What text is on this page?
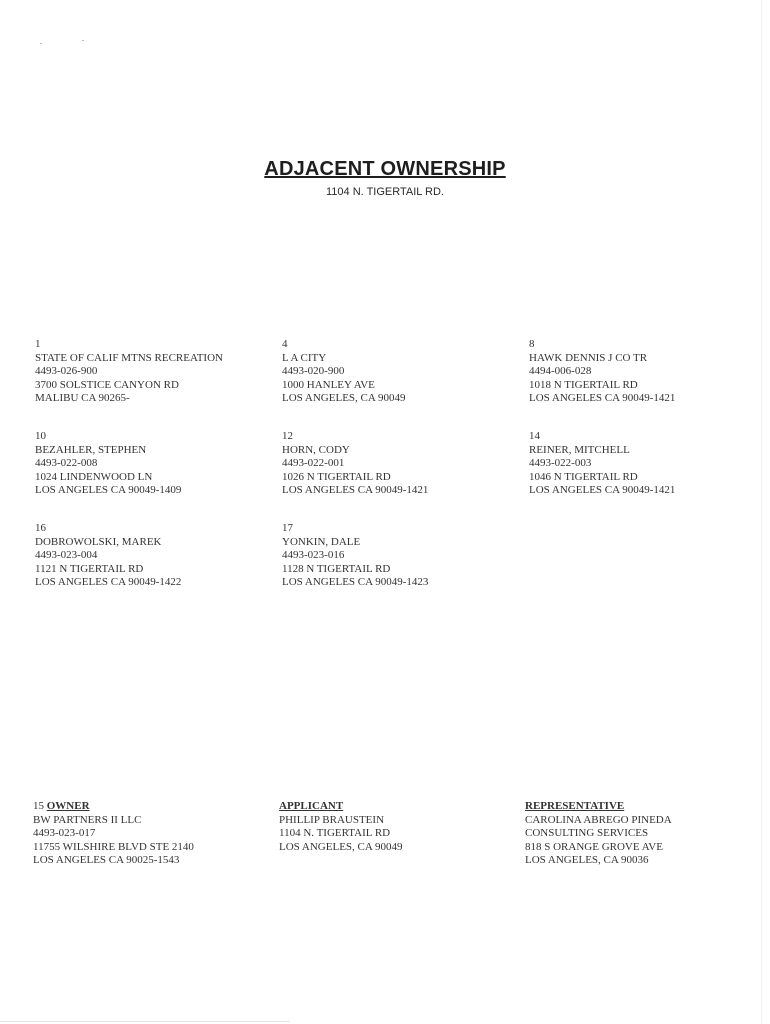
ADJACENT OWNERSHIP
1104 N. TIGERTAIL RD.
1
STATE OF CALIF MTNS RECREATION
4493-026-900
3700 SOLSTICE CANYON RD
MALIBU CA 90265-
4
L A CITY
4493-020-900
1000 HANLEY AVE
LOS ANGELES, CA 90049
8
HAWK DENNIS J CO TR
4494-006-028
1018 N TIGERTAIL RD
LOS ANGELES CA 90049-1421
10
BEZAHLER, STEPHEN
4493-022-008
1024 LINDENWOOD LN
LOS ANGELES CA 90049-1409
12
HORN, CODY
4493-022-001
1026 N TIGERTAIL RD
LOS ANGELES CA 90049-1421
14
REINER, MITCHELL
4493-022-003
1046 N TIGERTAIL RD
LOS ANGELES CA 90049-1421
16
DOBROWOLSKI, MAREK
4493-023-004
1121 N TIGERTAIL RD
LOS ANGELES CA 90049-1422
17
YONKIN, DALE
4493-023-016
1128 N TIGERTAIL RD
LOS ANGELES CA 90049-1423
15 OWNER
BW PARTNERS II LLC
4493-023-017
11755 WILSHIRE BLVD STE 2140
LOS ANGELES CA 90025-1543
APPLICANT
PHILLIP BRAUSTEIN
1104 N. TIGERTAIL RD
LOS ANGELES, CA 90049
REPRESENTATIVE
CAROLINA ABREGO PINEDA
CONSULTING SERVICES
818 S ORANGE GROVE AVE
LOS ANGELES, CA 90036
